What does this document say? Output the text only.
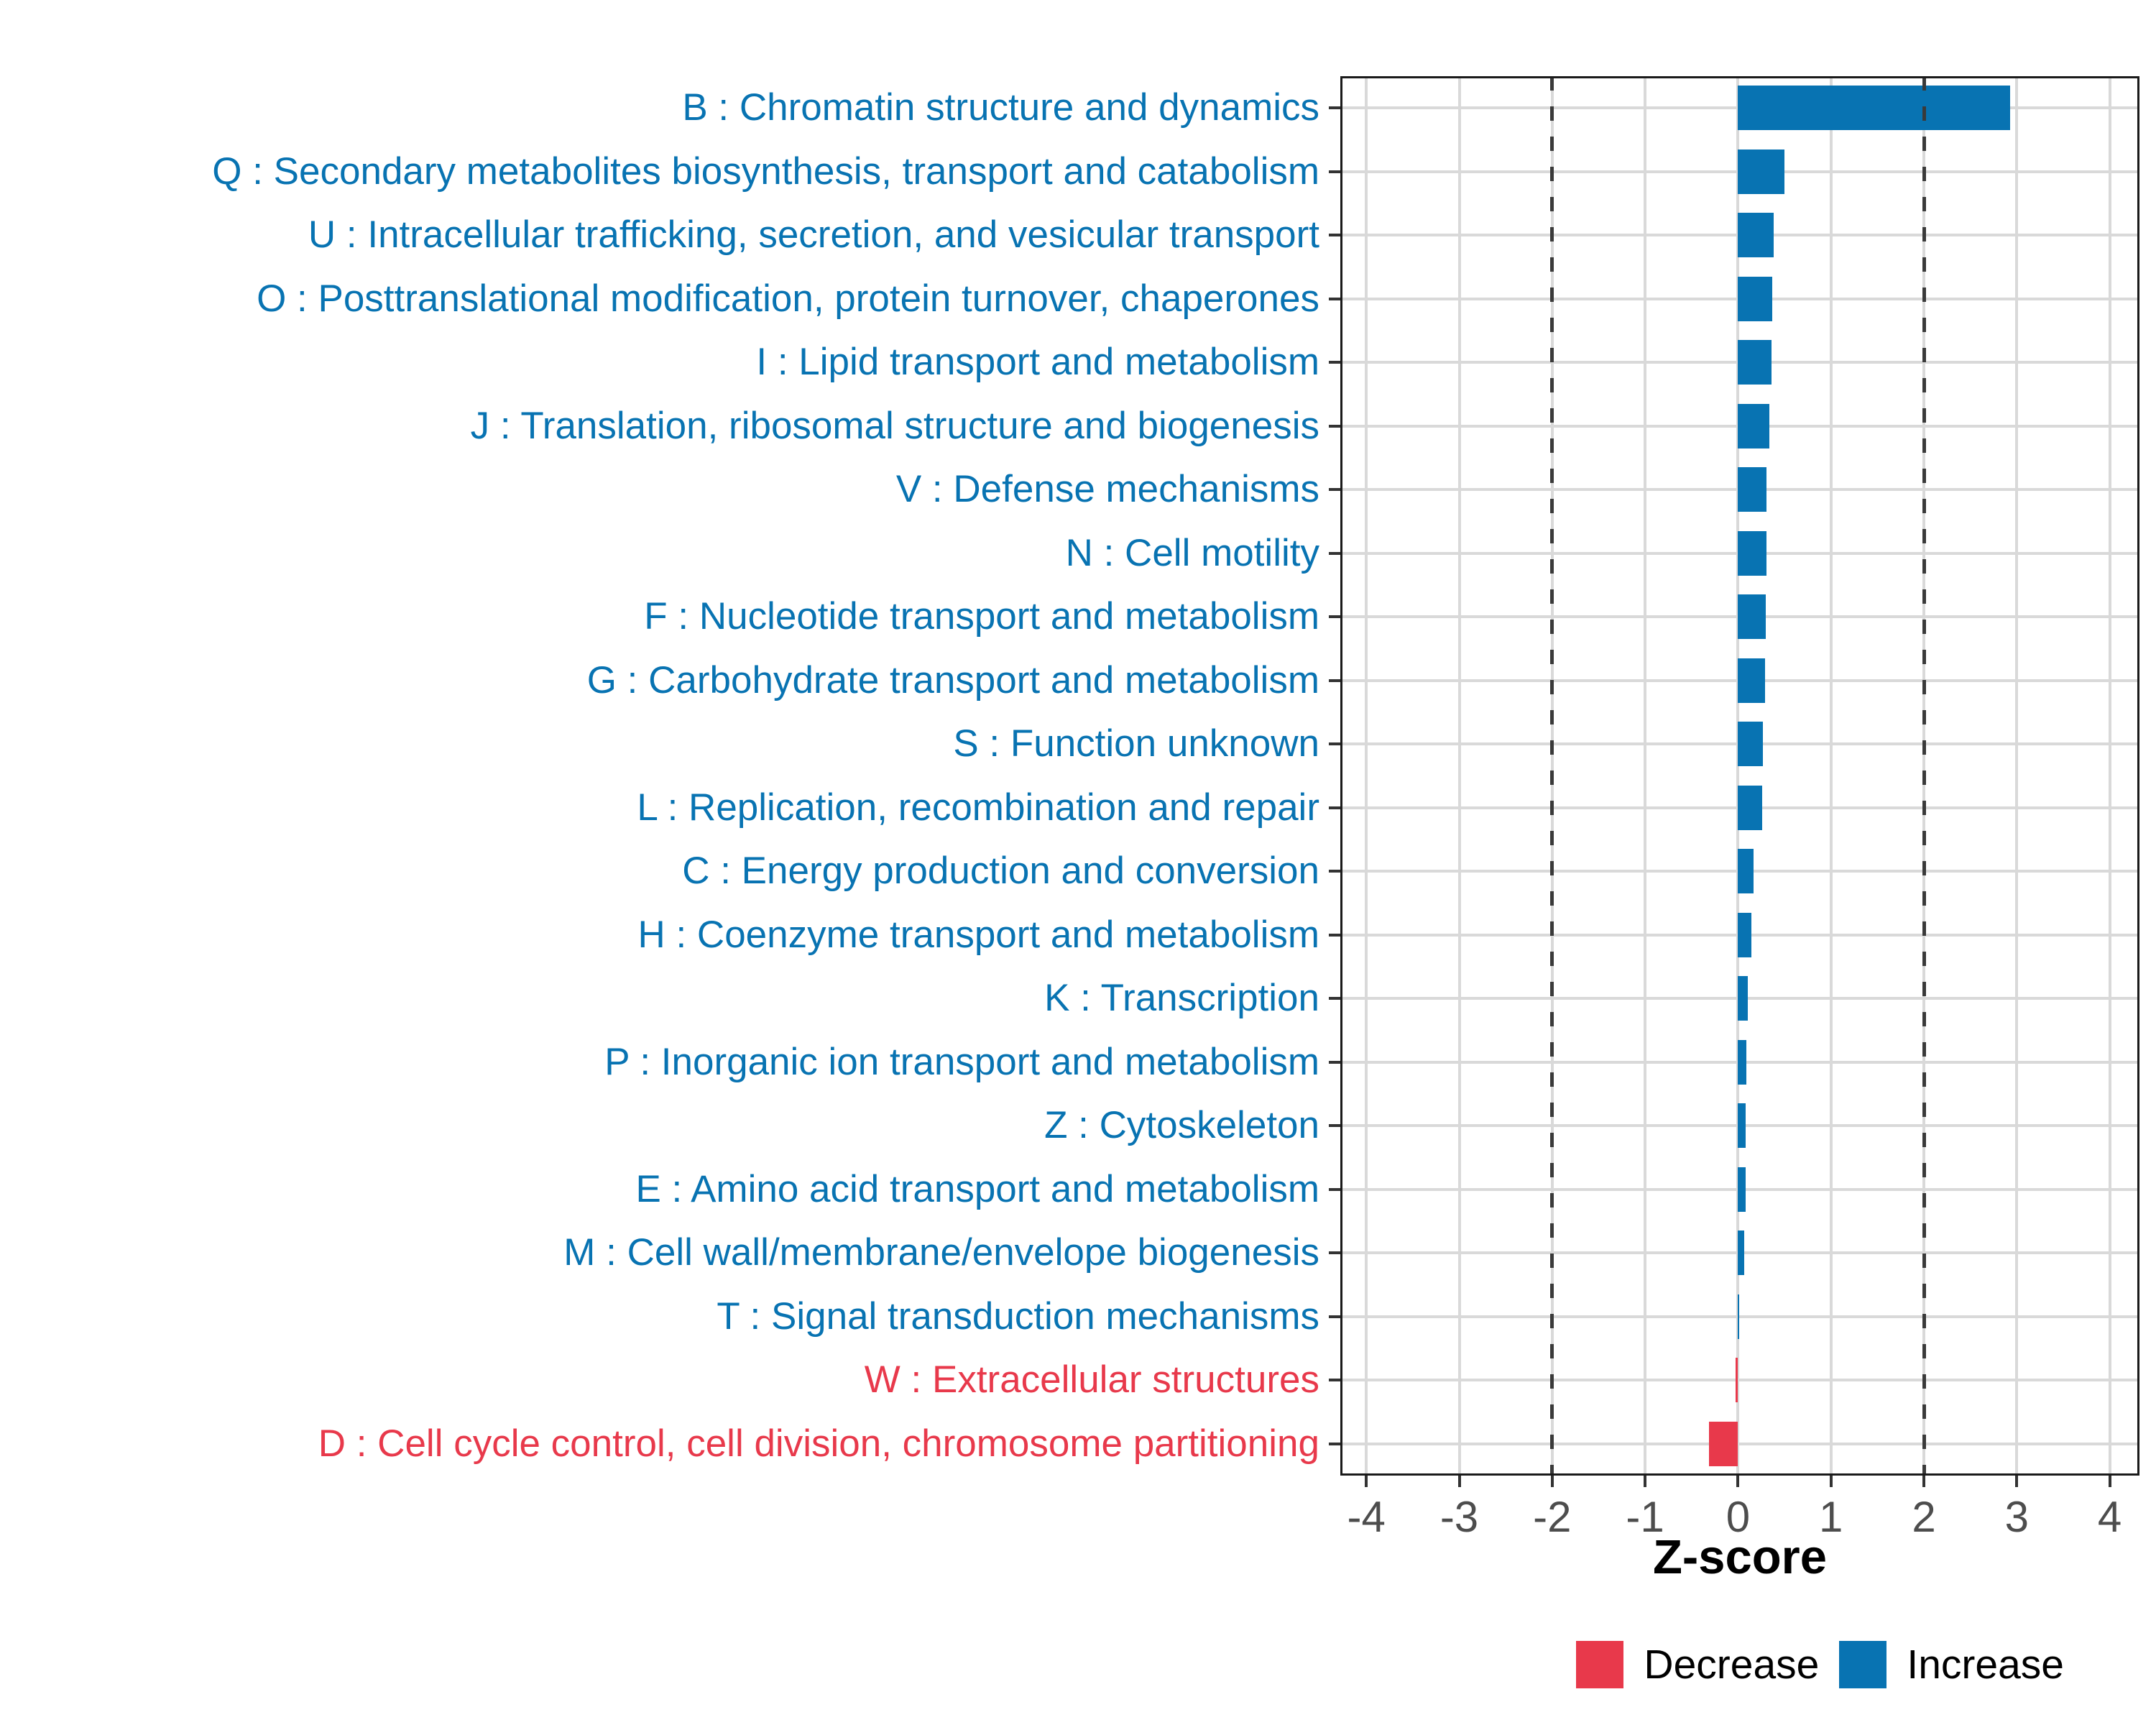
B : Chromatin structure and dynamics
Q : Secondary metabolites biosynthesis, transport and catabolism
U : Intracellular trafficking, secretion, and vesicular transport
O : Posttranslational modification, protein turnover, chaperones
I : Lipid transport and metabolism
J : Translation, ribosomal structure and biogenesis
V : Defense mechanisms
N : Cell motility
F : Nucleotide transport and metabolism
G : Carbohydrate transport and metabolism
S : Function unknown
L : Replication, recombination and repair
C : Energy production and conversion
H : Coenzyme transport and metabolism
K : Transcription
P : Inorganic ion transport and metabolism
Z : Cytoskeleton
E : Amino acid transport and metabolism
M : Cell wall/membrane/envelope biogenesis
T : Signal transduction mechanisms
W : Extracellular structures
D : Cell cycle control, cell division, chromosome partitioning
-4	-3	-2	-1	0	1	2	3	4
Z-score
Decrease Increase
